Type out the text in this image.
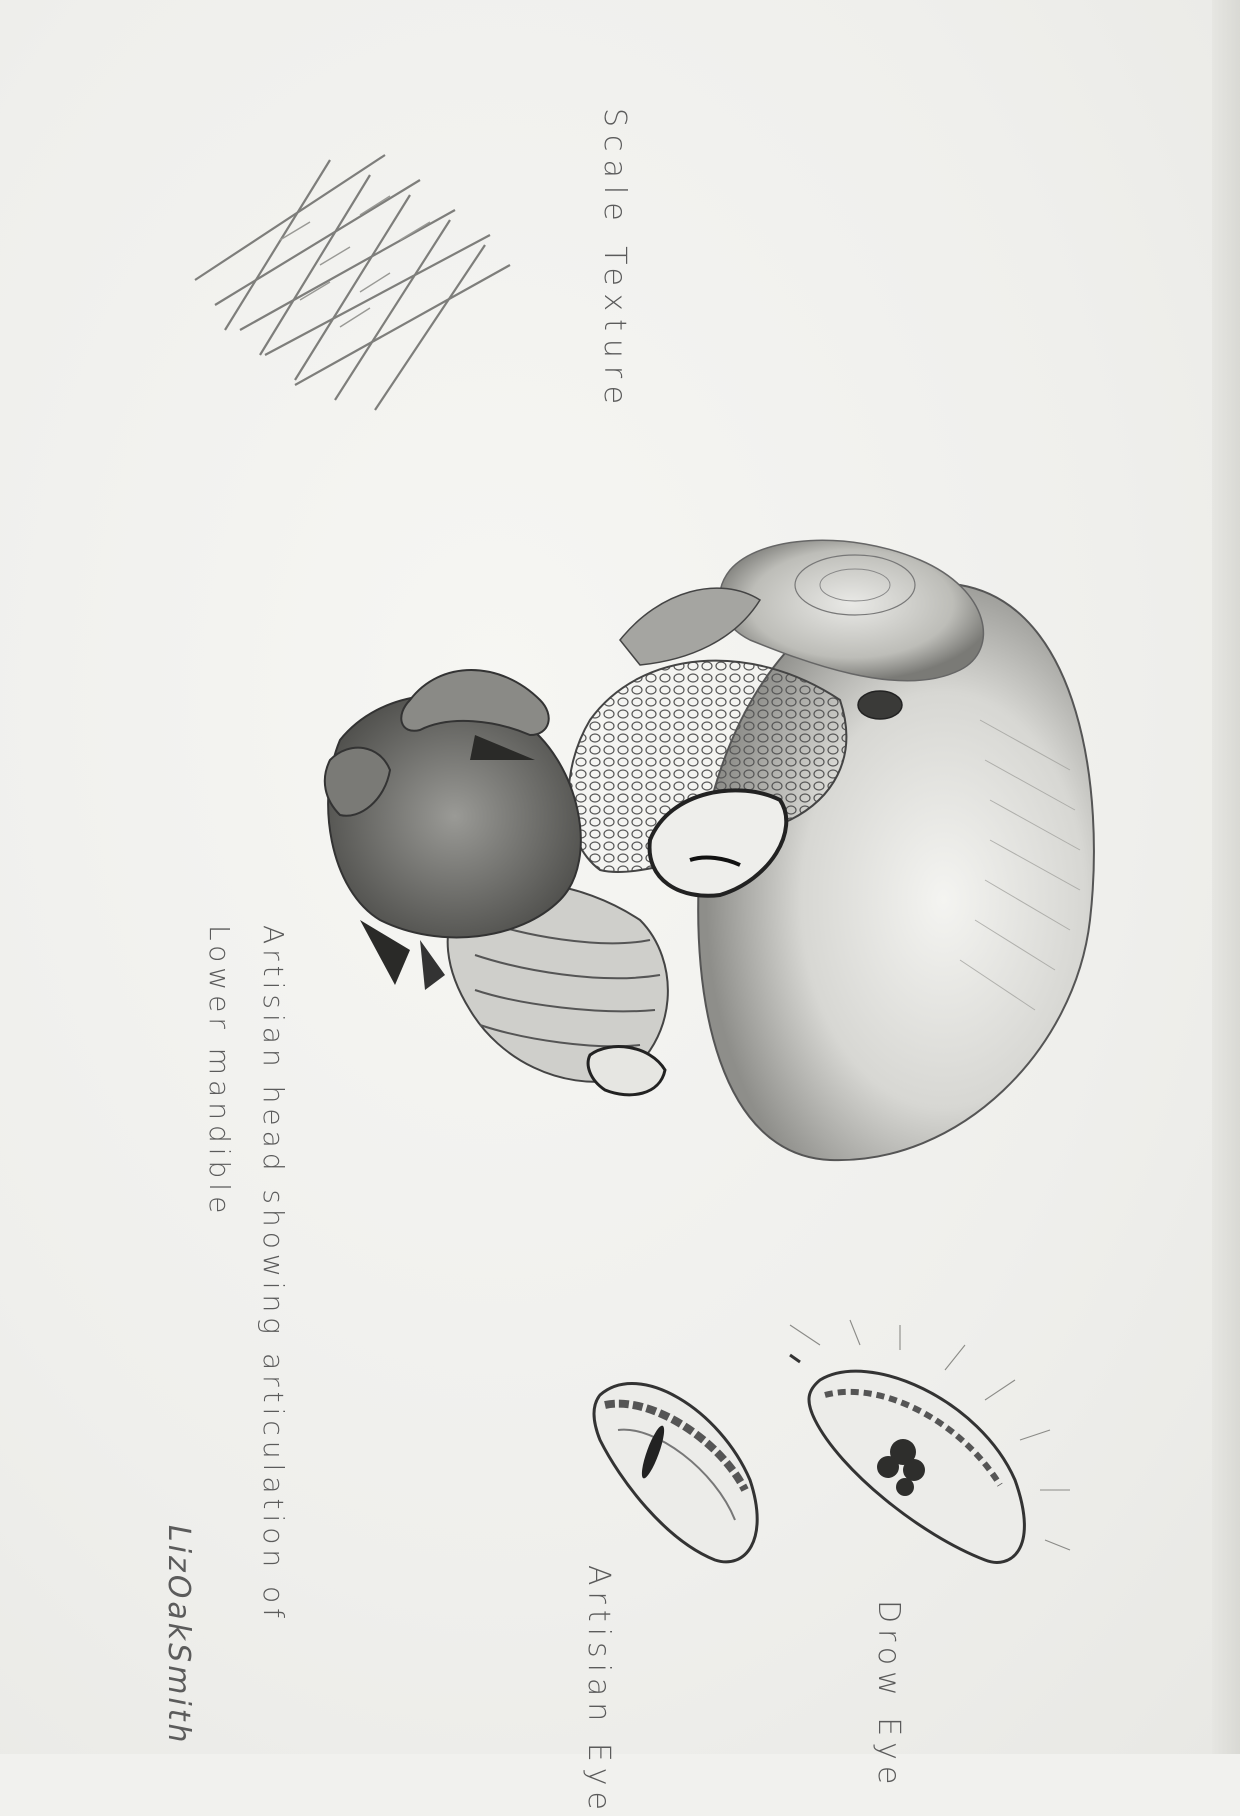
Scale Texture
Artisian head showing articulation of
Lower mandible
Drow Eye
Artisian Eye
LizOakSmith
